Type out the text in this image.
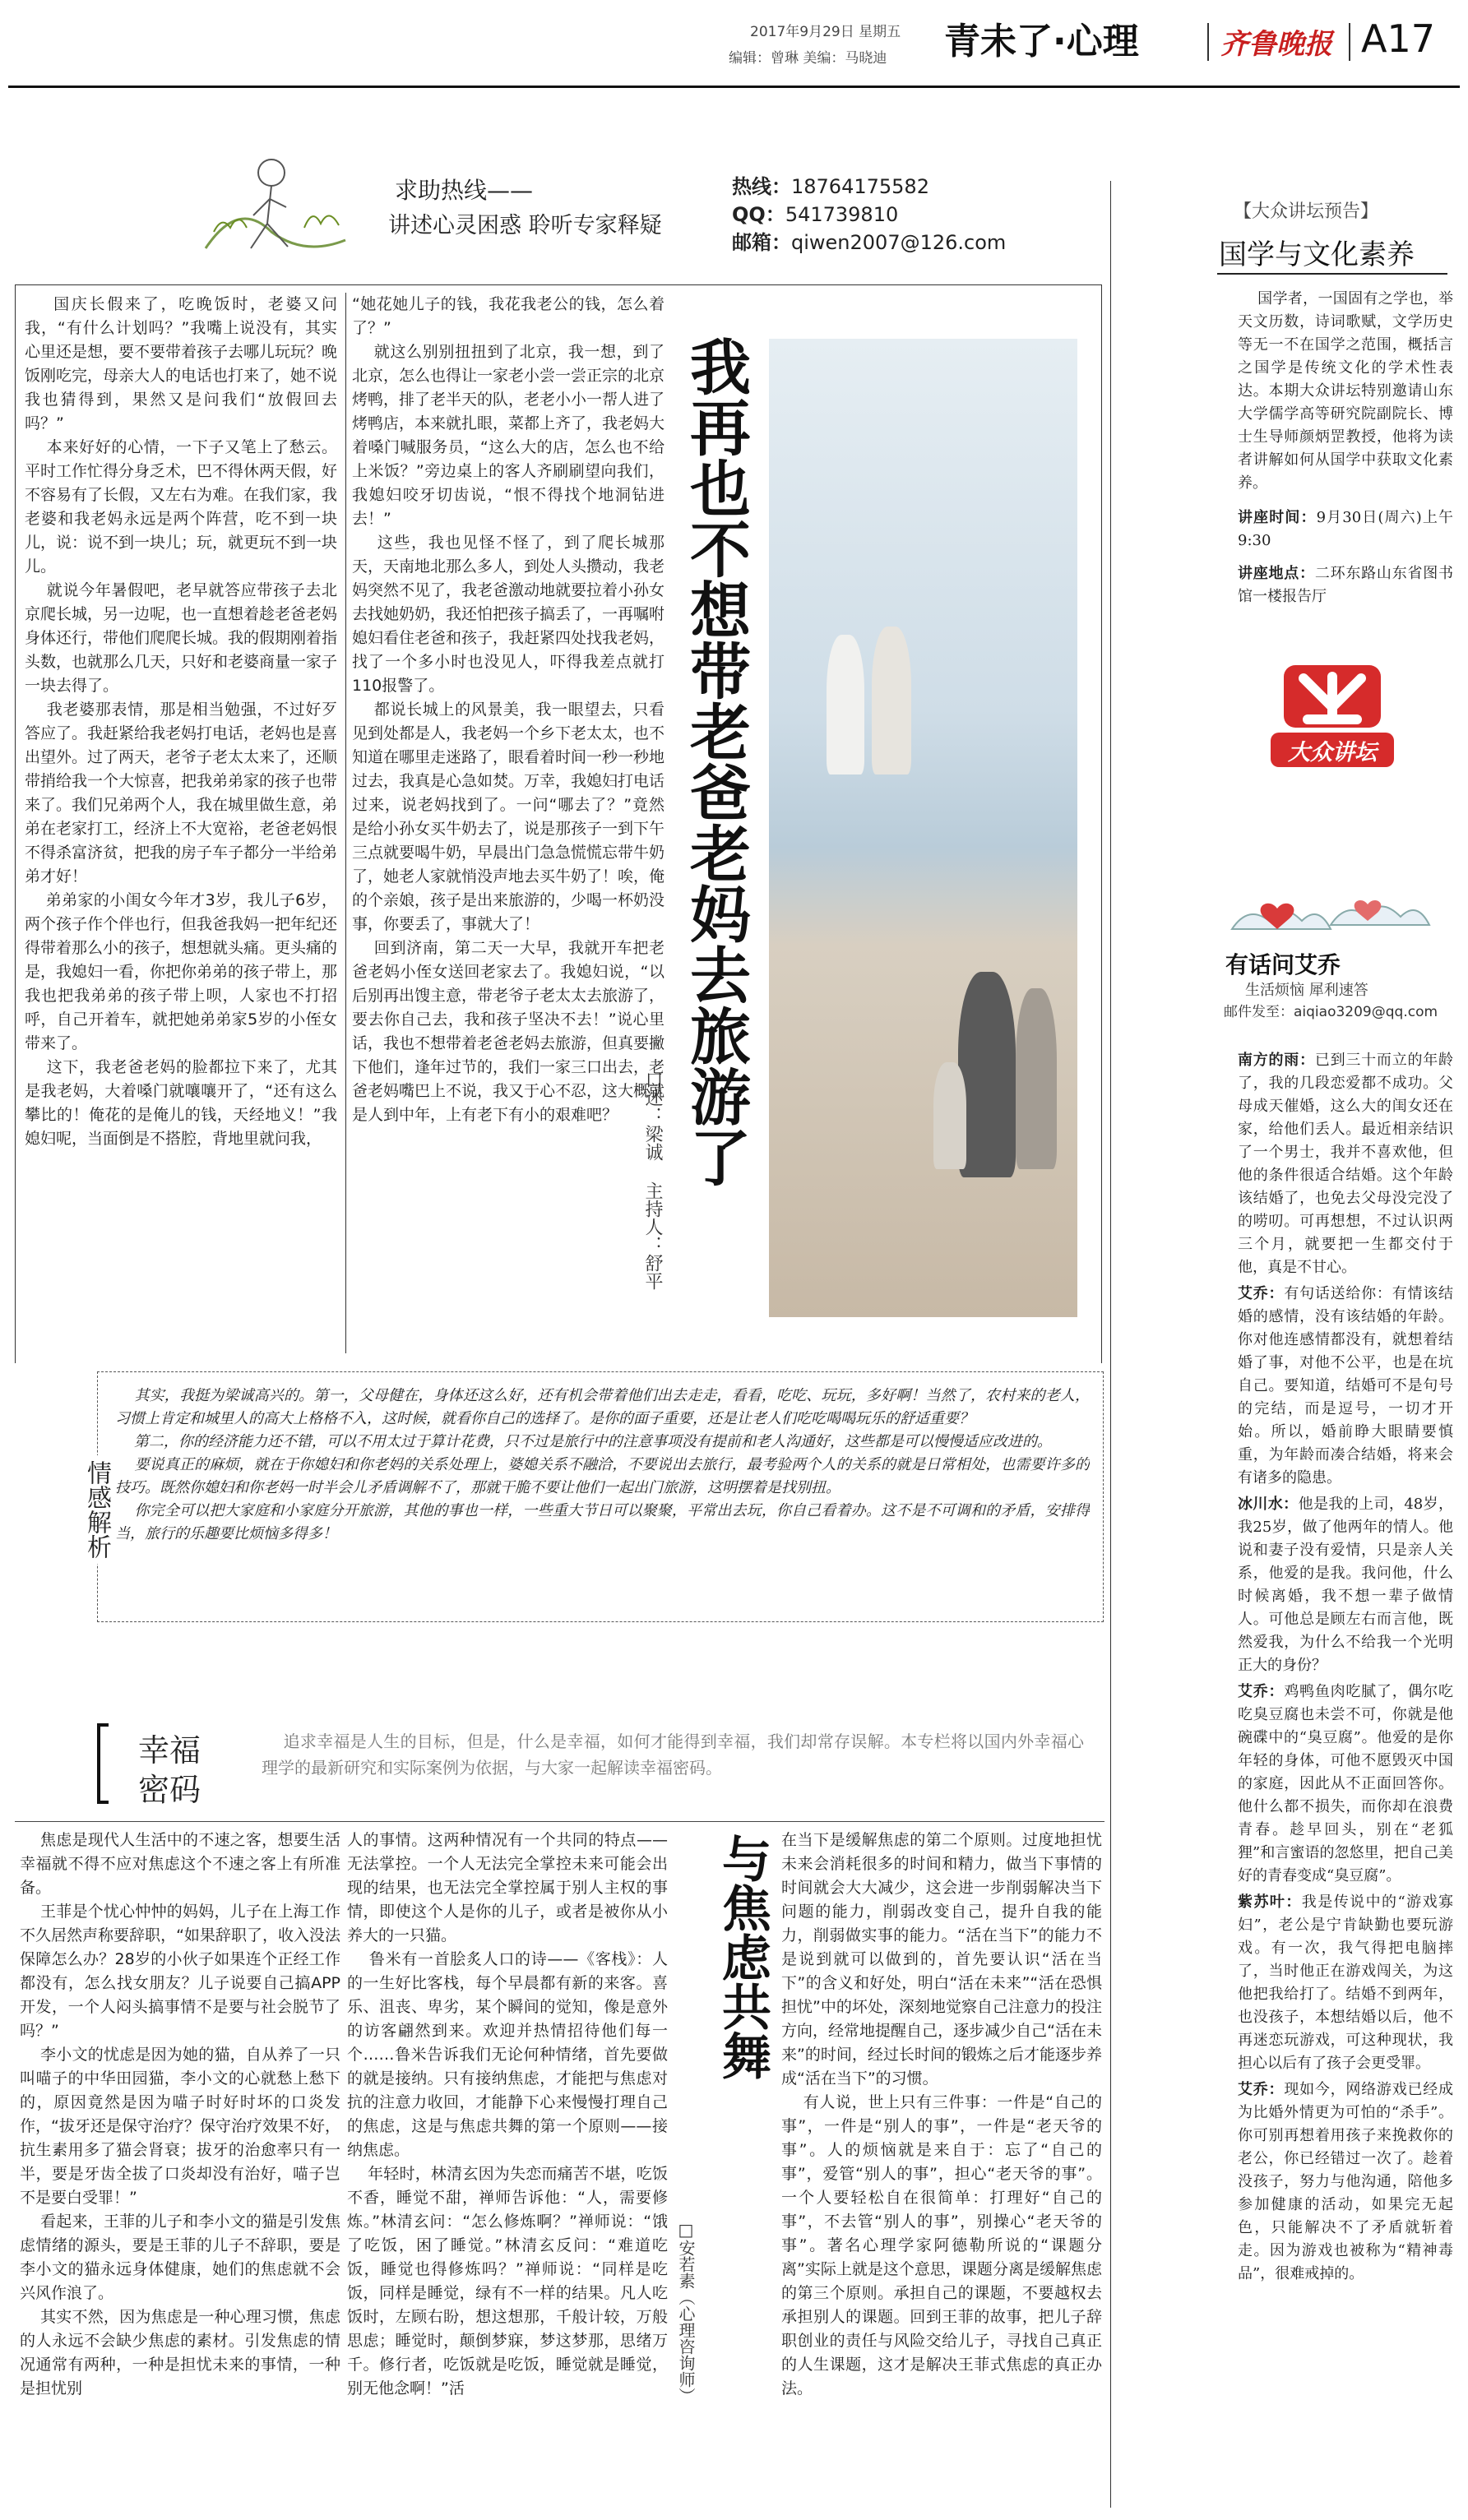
2017年9月29日 星期五
编辑：曾琳 美编：马晓迪 青未了·心理	齐鲁晚报 A17
求助热线——
讲述心灵困惑 聆听专家释疑
热线：18764175582
QQ：541739810
邮箱：qiwen2007@126.com
国庆长假来了，吃晚饭时，老婆又问我，“有什么计划吗？”我嘴上说没有，其实心里还是想，要不要带着孩子去哪儿玩玩？晚饭刚吃完，母亲大人的电话也打来了，她不说我也猜得到，果然又是问我们“放假回去吗？”
本来好好的心情，一下子又笔上了愁云。平时工作忙得分身乏术，巴不得休两天假，好不容易有了长假，又左右为难。在我们家，我老婆和我老妈永远是两个阵营，吃不到一块儿，说：说不到一块儿；玩，就更玩不到一块儿。
就说今年暑假吧，老早就答应带孩子去北京爬长城，另一边呢，也一直想着趁老爸老妈身体还行，带他们爬爬长城。我的假期刚着指头数，也就那么几天，只好和老婆商量一家子一块去得了。
我老婆那表情，那是相当勉强，不过好歹答应了。我赶紧给我老妈打电话，老妈也是喜出望外。过了两天，老爷子老太太来了，还顺带捎给我一个大惊喜，把我弟弟家的孩子也带来了。我们兄弟两个人，我在城里做生意，弟弟在老家打工，经济上不大宽裕，老爸老妈恨不得杀富济贫，把我的房子车子都分一半给弟弟才好！
弟弟家的小闺女今年才3岁，我儿子6岁，两个孩子作个伴也行，但我爸我妈一把年纪还得带着那么小的孩子，想想就头痛。更头痛的是，我媳妇一看，你把你弟弟的孩子带上，那我也把我弟弟的孩子带上呗，人家也不打招呼，自己开着车，就把她弟弟家5岁的小侄女带来了。
这下，我老爸老妈的脸都拉下来了，尤其是我老妈，大着嗓门就嚷嚷开了，“还有这么攀比的！俺花的是俺儿的钱，天经地义！”我媳妇呢，当面倒是不搭腔，背地里就问我，
“她花她儿子的钱，我花我老公的钱，怎么着了？”
就这么别别扭扭到了北京，我一想，到了北京，怎么也得让一家老小尝一尝正宗的北京烤鸭，排了老半天的队，老老小小一帮人进了烤鸭店，本来就扎眼，菜都上齐了，我老妈大着嗓门喊服务员，“这么大的店，怎么也不给上米饭？”旁边桌上的客人齐刷刷望向我们，我媳妇咬牙切齿说，“恨不得找个地洞钻进去！”
这些，我也见怪不怪了，到了爬长城那天，天南地北那么多人，到处人头攒动，我老妈突然不见了，我老爸激动地就要拉着小孙女去找她奶奶，我还怕把孩子搞丢了，一再嘱咐媳妇看住老爸和孩子，我赶紧四处找我老妈，找了一个多小时也没见人，吓得我差点就打110报警了。
都说长城上的风景美，我一眼望去，只看见到处都是人，我老妈一个乡下老太太，也不知道在哪里走迷路了，眼看着时间一秒一秒地过去，我真是心急如焚。万幸，我媳妇打电话过来，说老妈找到了。一问“哪去了？”竟然是给小孙女买牛奶去了，说是那孩子一到下午三点就要喝牛奶，早晨出门急急慌慌忘带牛奶了，她老人家就悄没声地去买牛奶了！唉，俺的个亲娘，孩子是出来旅游的，少喝一杯奶没事，你要丢了，事就大了！
回到济南，第二天一大早，我就开车把老爸老妈小侄女送回老家去了。我媳妇说，“以后别再出馊主意，带老爷子老太太去旅游了，要去你自己去，我和孩子坚决不去！”说心里话，我也不想带着老爸老妈去旅游，但真要撇下他们，逢年过节的，我们一家三口出去，老爸老妈嘴巴上不说，我又于心不忍，这大概就是人到中年，上有老下有小的艰难吧？	我再也不想带老爸老妈去旅游了
口述：梁诚 主持人：舒平
情感解析
其实，我挺为梁诚高兴的。第一，父母健在，身体还这么好，还有机会带着他们出去走走，看看，吃吃、玩玩，多好啊！当然了，农村来的老人，习惯上肯定和城里人的高大上格格不入，这时候，就看你自己的选择了。是你的面子重要，还是让老人们吃吃喝喝玩乐的舒适重要？
第二，你的经济能力还不错，可以不用太过于算计花费，只不过是旅行中的注意事项没有提前和老人沟通好，这些都是可以慢慢适应改进的。
要说真正的麻烦，就在于你媳妇和你老妈的关系处理上，婆媳关系不融洽，不要说出去旅行，最考验两个人的关系的就是日常相处，也需要许多的技巧。既然你媳妇和你老妈一时半会儿矛盾调解不了，那就干脆不要让他们一起出门旅游，这明摆着是找别扭。
你完全可以把大家庭和小家庭分开旅游，其他的事也一样，一些重大节日可以聚聚，平常出去玩，你自己看着办。这不是不可调和的矛盾，安排得当，旅行的乐趣要比烦恼多得多！
幸福
密码
追求幸福是人生的目标，但是，什么是幸福，如何才能得到幸福，我们却常存误解。本专栏将以国内外幸福心理学的最新研究和实际案例为依据，与大家一起解读幸福密码。
焦虑是现代人生活中的不速之客，想要生活幸福就不得不应对焦虑这个不速之客上有所准备。
王菲是个忧心忡忡的妈妈，儿子在上海工作不久居然声称要辞职，“如果辞职了，收入没法保障怎么办？28岁的小伙子如果连个正经工作都没有，怎么找女朋友？儿子说要自己搞APP开发，一个人闷头搞事情不是要与社会脱节了吗？”
李小文的忧虑是因为她的猫，自从养了一只叫喵子的中华田园猫，李小文的心就愁上愁下的，原因竟然是因为喵子时好时坏的口炎发作，“拔牙还是保守治疗？保守治疗效果不好，抗生素用多了猫会肾衰；拔牙的治愈率只有一半，要是牙齿全拔了口炎却没有治好，喵子岂不是要白受罪！”
看起来，王菲的儿子和李小文的猫是引发焦虑情绪的源头，要是王菲的儿子不辞职，要是李小文的猫永远身体健康，她们的焦虑就不会兴风作浪了。
其实不然，因为焦虑是一种心理习惯，焦虑的人永远不会缺少焦虑的素材。引发焦虑的情况通常有两种，一种是担忧未来的事情，一种是担忧别
人的事情。这两种情况有一个共同的特点——无法掌控。一个人无法完全掌控未来可能会出现的结果，也无法完全掌控属于别人主权的事情，即使这个人是你的儿子，或者是被你从小养大的一只猫。
鲁米有一首脍炙人口的诗——《客栈》：人的一生好比客栈，每个早晨都有新的来客。喜乐、沮丧、卑劣，某个瞬间的觉知，像是意外的访客翩然到来。欢迎并热情招待他们每一个……鲁米告诉我们无论何种情绪，首先要做的就是接纳。只有接纳焦虑，才能把与焦虑对抗的注意力收回，才能静下心来慢慢打理自己的焦虑，这是与焦虑共舞的第一个原则——接纳焦虑。
年轻时，林清玄因为失恋而痛苦不堪，吃饭不香，睡觉不甜，禅师告诉他：“人，需要修炼。”林清玄问：“怎么修炼啊？”禅师说：“饿了吃饭，困了睡觉。”林清玄反问：“难道吃饭，睡觉也得修炼吗？”禅师说：“同样是吃饭，同样是睡觉，绿有不一样的结果。凡人吃饭时，左顾右盼，想这想那，千般计较，万般思虑；睡觉时，颠倒梦寐，梦这梦那，思绪万千。修行者，吃饭就是吃饭，睡觉就是睡觉，别无他念啊！”活
与焦虑共舞
□安若素（心理咨询师）
在当下是缓解焦虑的第二个原则。过度地担忧未来会消耗很多的时间和精力，做当下事情的时间就会大大减少，这会进一步削弱解决当下问题的能力，削弱改变自己，提升自我的能力，削弱做实事的能力。“活在当下”的能力不是说到就可以做到的，首先要认识“活在当下”的含义和好处，明白“活在未来”“活在恐惧担忧”中的坏处，深刻地觉察自己注意力的投注方向，经常地提醒自己，逐步减少自己“活在未来”的时间，经过长时间的锻炼之后才能逐步养成“活在当下”的习惯。
有人说，世上只有三件事：一件是“自己的事”，一件是“别人的事”，一件是“老天爷的事”。人的烦恼就是来自于：忘了“自己的事”，爱管“别人的事”，担心“老天爷的事”。一个人要轻松自在很简单：打理好“自己的事”，不去管“别人的事”，别操心“老天爷的事”。著名心理学家阿德勒所说的“课题分离”实际上就是这个意思，课题分离是缓解焦虑的第三个原则。承担自己的课题，不要越权去承担别人的课题。回到王菲的故事，把儿子辞职创业的责任与风险交给儿子，寻找自己真正的人生课题，这才是解决王菲式焦虑的真正办法。
【大众讲坛预告】
国学与文化素养
国学者，一国固有之学也，举天文历数，诗词歌赋，文学历史等无一不在国学之范围，概括言之国学是传统文化的学术性表达。本期大众讲坛特别邀请山东大学儒学高等研究院副院长、博士生导师颜炳罡教授，他将为读者讲解如何从国学中获取文化素养。
讲座时间：9月30日(周六)上午9:30
讲座地点：二环东路山东省图书馆一楼报告厅
大众讲坛
有话问艾乔
生活烦恼 犀利速答
邮件发至：aiqiao3209@qq.com

南方的雨：已到三十而立的年龄了，我的几段恋爱都不成功。父母成天催婚，这么大的闺女还在家，给他们丢人。最近相亲结识了一个男士，我并不喜欢他，但他的条件很适合结婚。这个年龄该结婚了，也免去父母没完没了的唠叨。可再想想，不过认识两三个月，就要把一生都交付于他，真是不甘心。

艾乔：有句话送给你：有情该结婚的感情，没有该结婚的年龄。你对他连感情都没有，就想着结婚了事，对他不公平，也是在坑自己。要知道，结婚可不是句号的完结，而是逗号，一切才开始。所以，婚前睁大眼睛要慎重，为年龄而凑合结婚，将来会有诸多的隐患。

冰川水：他是我的上司，48岁，我25岁，做了他两年的情人。他说和妻子没有爱情，只是亲人关系，他爱的是我。我问他，什么时候离婚，我不想一辈子做情人。可他总是顾左右而言他，既然爱我，为什么不给我一个光明正大的身份？

艾乔：鸡鸭鱼肉吃腻了，偶尔吃吃臭豆腐也未尝不可，你就是他碗碟中的“臭豆腐”。他爱的是你年轻的身体，可他不愿毁灭中国的家庭，因此从不正面回答你。他什么都不损失，而你却在浪费青春。趁早回头，别在“老狐狸”和言蜜语的忽悠里，把自己美好的青春变成“臭豆腐”。

紫苏叶：我是传说中的“游戏寡妇”，老公是宁肯缺勤也要玩游戏。有一次，我气得把电脑摔了，当时他正在游戏闯关，为这他把我给打了。结婚不到两年，也没孩子，本想结婚以后，他不再迷恋玩游戏，可这种现状，我担心以后有了孩子会更受罪。

艾乔：现如今，网络游戏已经成为比婚外情更为可怕的“杀手”。你可别再想着用孩子来挽救你的老公，你已经错过一次了。趁着没孩子，努力与他沟通，陪他多参加健康的活动，如果完无起色，只能解决不了矛盾就斩着走。因为游戏也被称为“精神毒品”，很难戒掉的。
